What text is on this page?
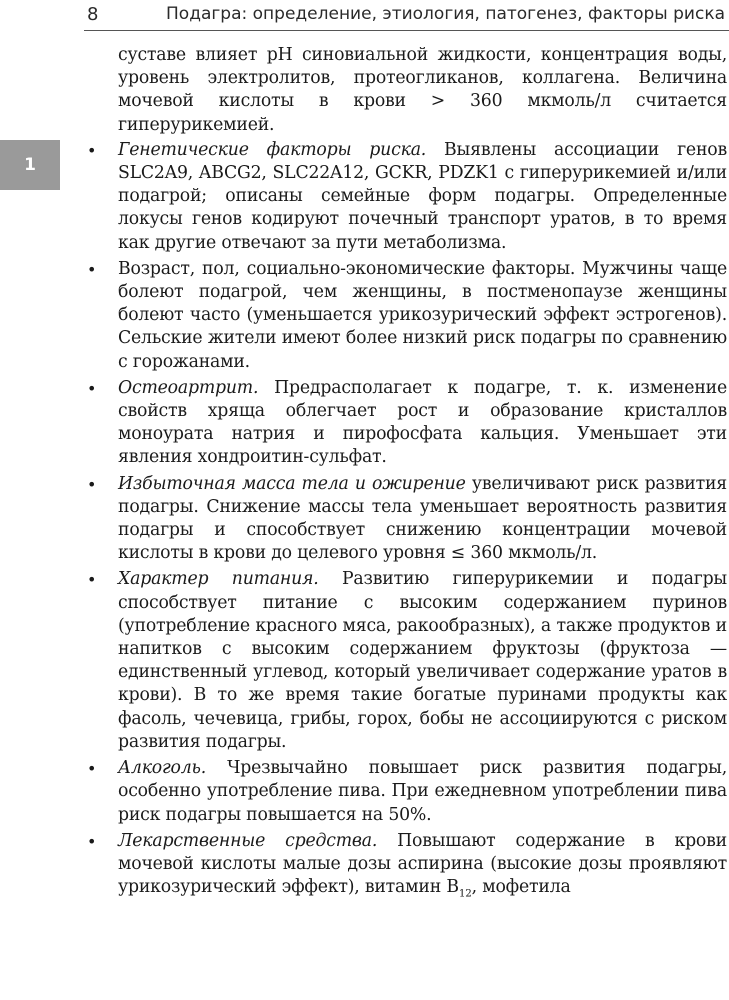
8	Подагра: определение, этиология, патогенез, факторы риска
1

суставе влияет pH синовиальной жидкости, концентрация воды, уровень электролитов, протеогликанов, коллагена. Величина мочевой кислоты в крови > 360 мкмоль/л считается гиперурикемией.

• Генетические факторы риска. Выявлены ассоциации генов SLC2A9, ABCG2, SLC22A12, GCKR, PDZK1 с гиперурикемией и/или подагрой; описаны семейные форм подагры. Определенные локусы генов кодируют почечный транспорт уратов, в то время как другие отвечают за пути метаболизма.
• Возраст, пол, социально-экономические факторы. Мужчины чаще болеют подагрой, чем женщины, в постменопаузе женщины болеют часто (уменьшается урикозурический эффект эстрогенов). Сельские жители имеют более низкий риск подагры по сравнению с горожанами.
• Остеоартрит. Предрасполагает к подагре, т. к. изменение свойств хряща облегчает рост и образование кристаллов моноурата натрия и пирофосфата кальция. Уменьшает эти явления хондроитин-сульфат.
• Избыточная масса тела и ожирение увеличивают риск развития подагры. Снижение массы тела уменьшает вероятность развития подагры и способствует снижению концентрации мочевой кислоты в крови до целевого уровня ≤ 360 мкмоль/л.
• Характер питания. Развитию гиперурикемии и подагры способствует питание с высоким содержанием пуринов (употребление красного мяса, ракообразных), а также продуктов и напитков с высоким содержанием фруктозы (фруктоза — единственный углевод, который увеличивает содержание уратов в крови). В то же время такие богатые пуринами продукты как фасоль, чечевица, грибы, горох, бобы не ассоциируются с риском развития подагры.
• Алкоголь. Чрезвычайно повышает риск развития подагры, особенно употребление пива. При ежедневном употреблении пива риск подагры повышается на 50%.
• Лекарственные средства. Повышают содержание в крови мочевой кислоты малые дозы аспирина (высокие дозы проявляют урикозурический эффект), витамин $B_{12}$, мофетила
